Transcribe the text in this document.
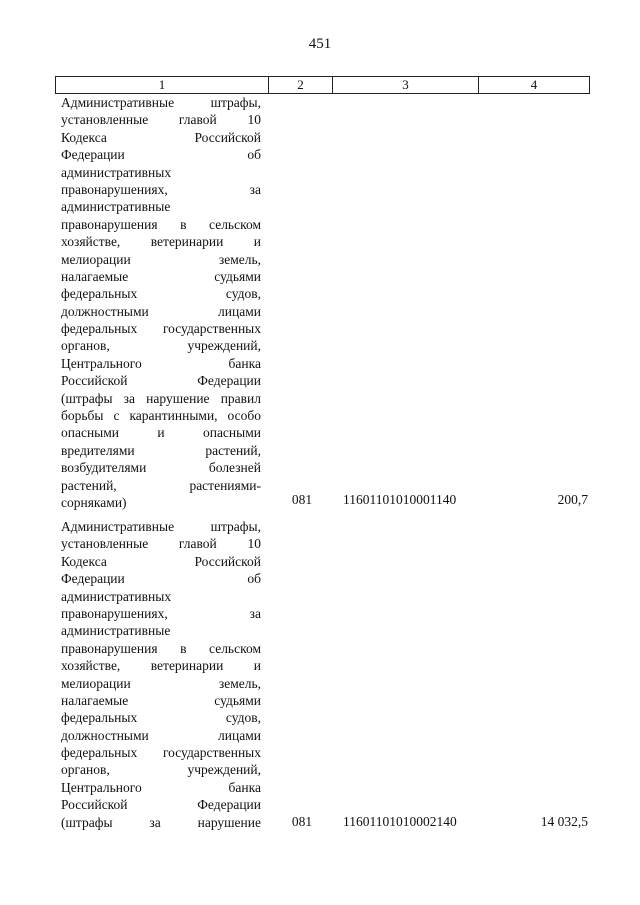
451
1	2	3	4
Административные штрафы,
установленные главой 10
Кодекса Российской
Федерации об
административных
правонарушениях, за
административные
правонарушения в сельском
хозяйстве, ветеринарии и
мелиорации земель,
налагаемые судьями
федеральных судов,
должностными лицами
федеральных государственных
органов, учреждений,
Центрального банка
Российской Федерации
(штрафы за нарушение правил
борьбы с карантинными, особо
опасными и опасными
вредителями растений,
возбудителями болезней
растений, растениями-
сорняками)	081	11601101010001140	200,7
Административные штрафы,
установленные главой 10
Кодекса Российской
Федерации об
административных
правонарушениях, за
административные
правонарушения в сельском
хозяйстве, ветеринарии и
мелиорации земель,
налагаемые судьями
федеральных судов,
должностными лицами
федеральных государственных
органов, учреждений,
Центрального банка
Российской Федерации
(штрафы за нарушение	081	11601101010002140	14 032,5
